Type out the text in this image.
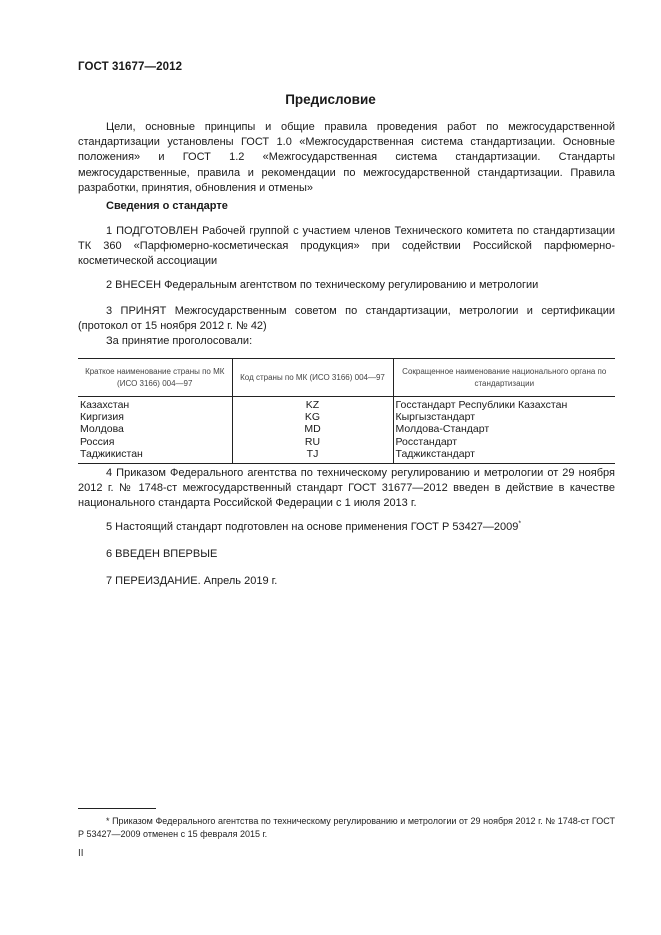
ГОСТ 31677—2012
Предисловие

Цели, основные принципы и общие правила проведения работ по межгосударственной стандартизации установлены ГОСТ 1.0 «Межгосударственная система стандартизации. Основные положения» и ГОСТ 1.2 «Межгосударственная система стандартизации. Стандарты межгосударственные, правила и рекомендации по межгосударственной стандартизации. Правила разработки, принятия, обновления и отмены»

Сведения о стандарте

1 ПОДГОТОВЛЕН Рабочей группой с участием членов Технического комитета по стандартизации ТК 360 «Парфюмерно-косметическая продукция» при содействии Российской парфюмерно-косметической ассоциации

2 ВНЕСЕН Федеральным агентством по техническому регулированию и метрологии

3 ПРИНЯТ Межгосударственным советом по стандартизации, метрологии и сертификации (протокол от 15 ноября 2012 г. № 42)

За принятие проголосовали:

Краткое наименование страны по МК (ИСО 3166) 004—97	Код страны по МК (ИСО 3166) 004—97	Сокращенное наименование национального органа по стандартизации
Казахстан	KZ	Госстандарт Республики Казахстан
Киргизия	KG	Кыргызстандарт
Молдова	MD	Молдова-Стандарт
Россия	RU	Росстандарт
Таджикистан	TJ	Таджикстандарт

4 Приказом Федерального агентства по техническому регулированию и метрологии от 29 ноября 2012 г. № 1748-ст межгосударственный стандарт ГОСТ 31677—2012 введен в действие в качестве национального стандарта Российской Федерации с 1 июля 2013 г.

5 Настоящий стандарт подготовлен на основе применения ГОСТ Р 53427—2009*

6 ВВЕДЕН ВПЕРВЫЕ

7 ПЕРЕИЗДАНИЕ. Апрель 2019 г.

* Приказом Федерального агентства по техническому регулированию и метрологии от 29 ноября 2012 г. № 1748-ст ГОСТ Р 53427—2009 отменен с 15 февраля 2015 г.

II
